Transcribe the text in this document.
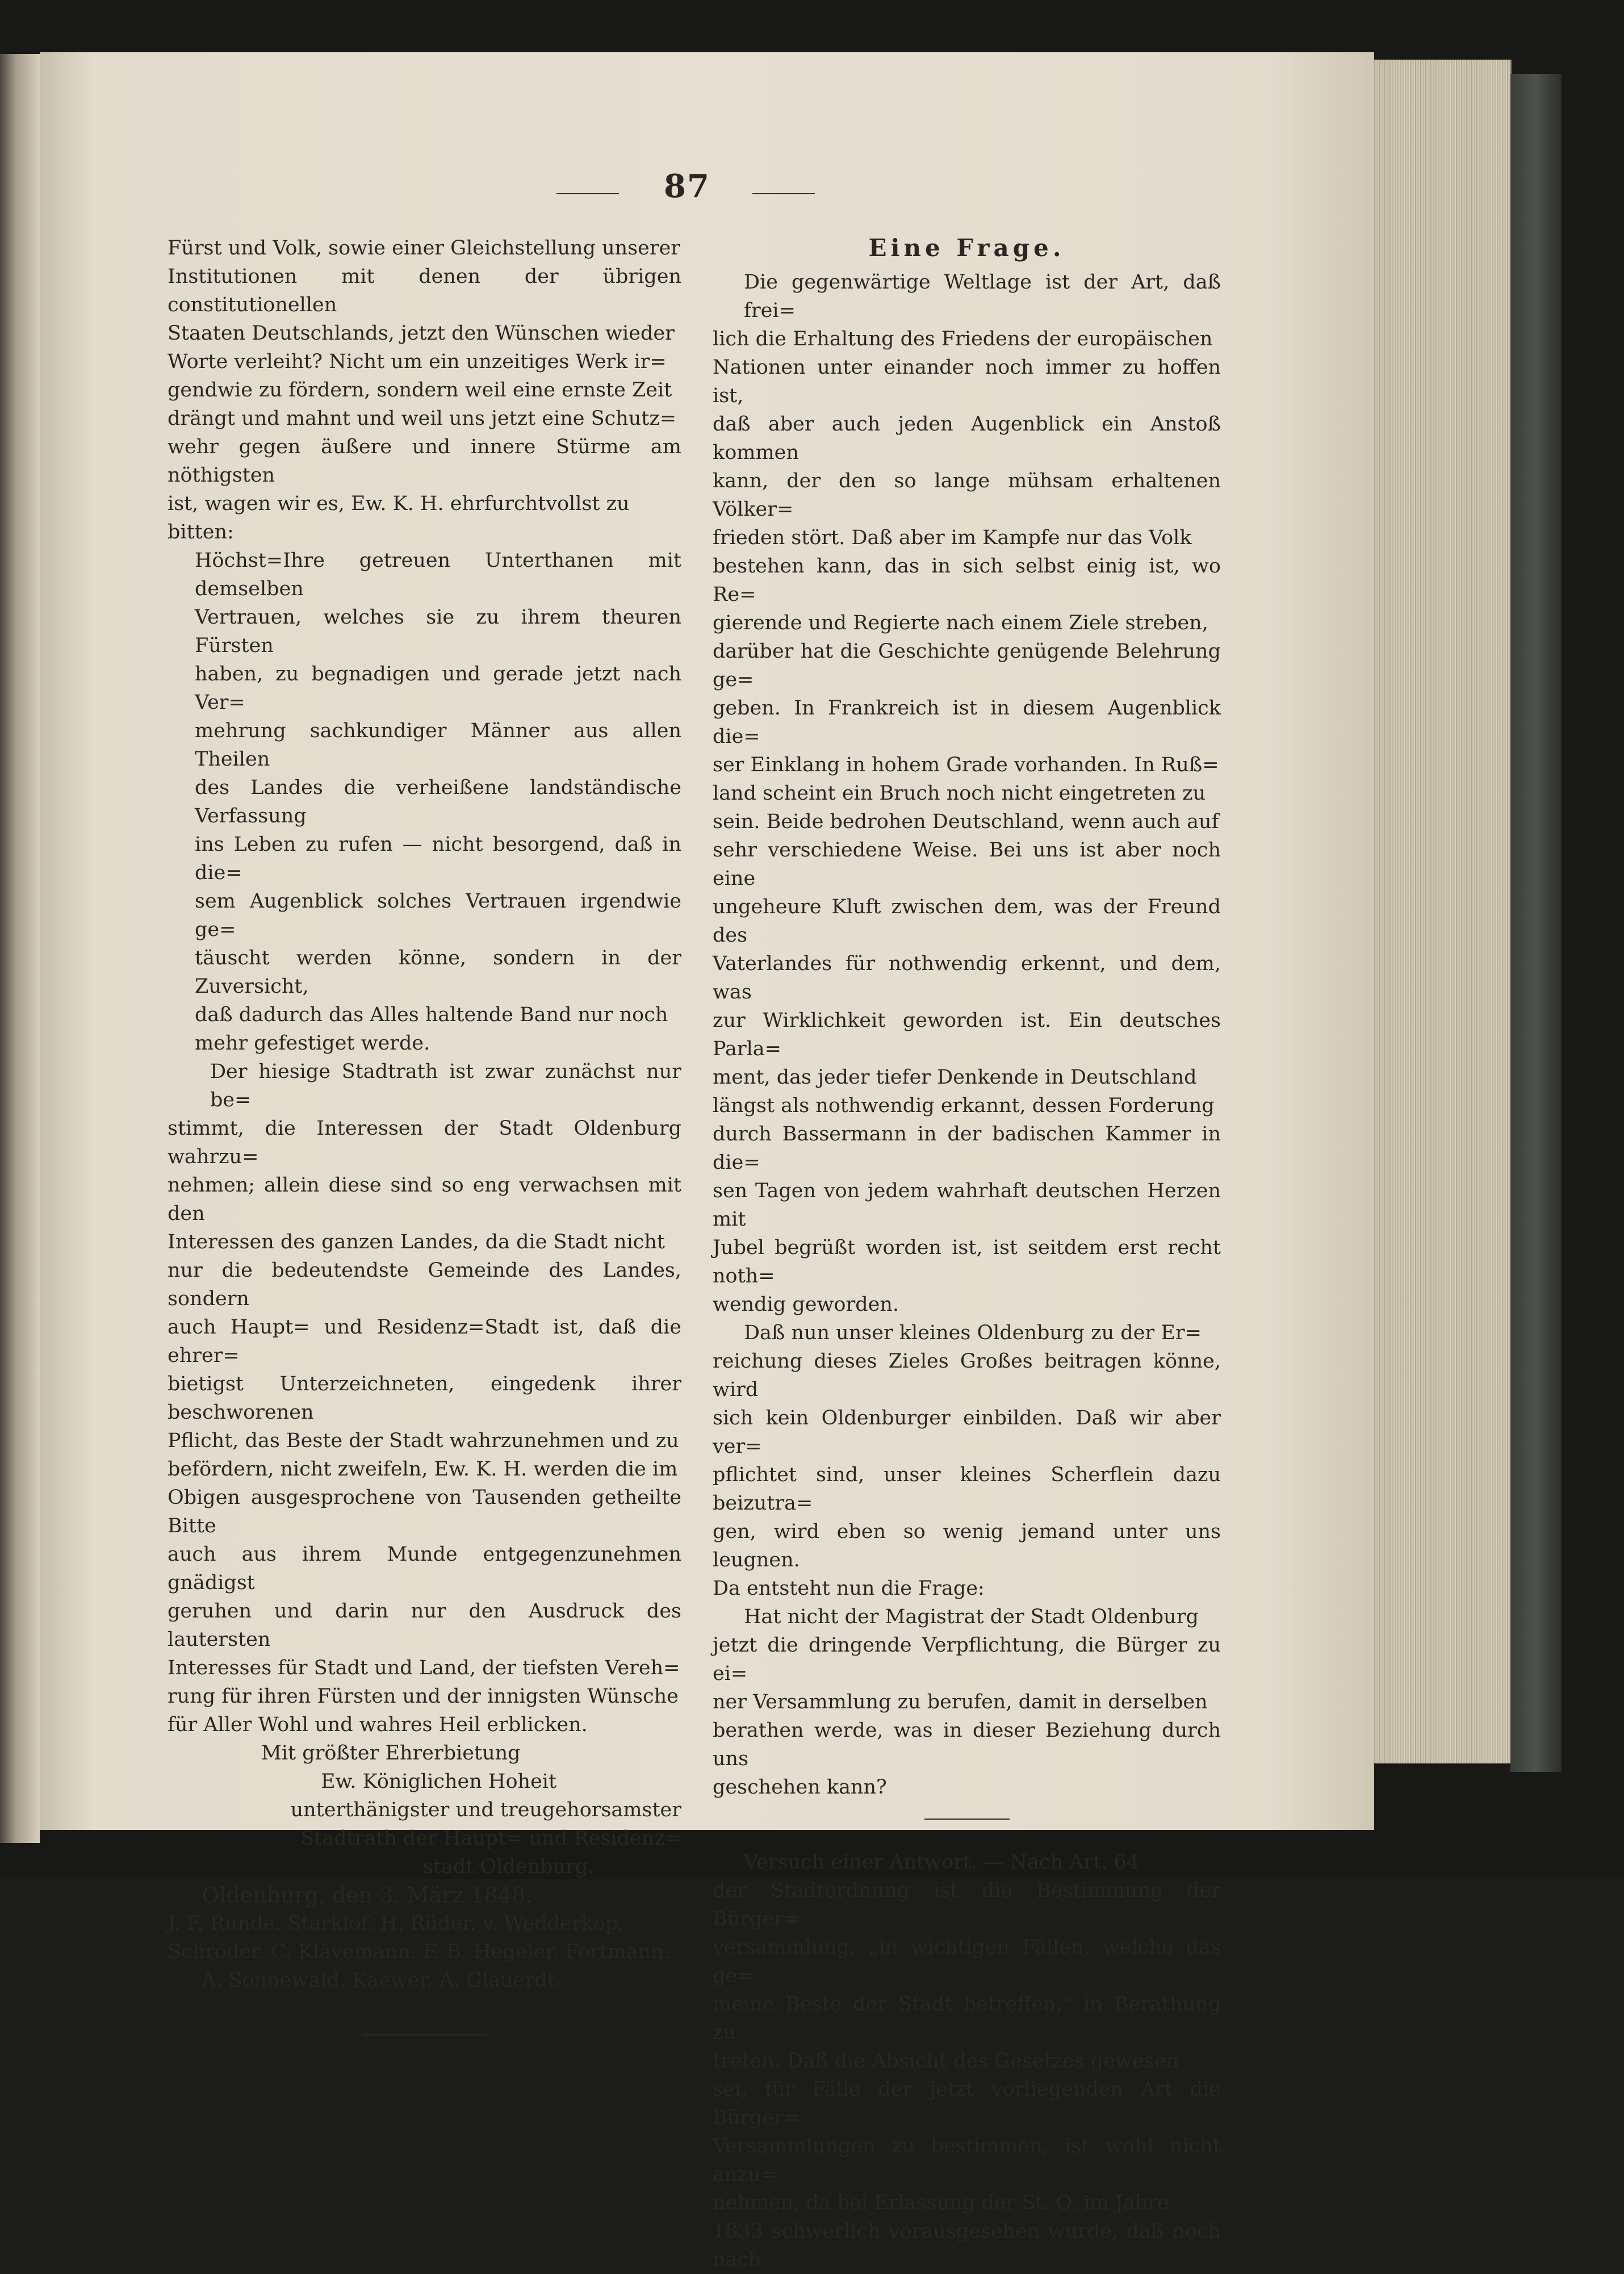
87

Fürst und Volk, sowie einer Gleichstellung unserer

Institutionen mit denen der übrigen constitutionellen

Staaten Deutschlands, jetzt den Wünschen wieder

Worte verleiht? Nicht um ein unzeitiges Werk ir=

gendwie zu fördern, sondern weil eine ernste Zeit

drängt und mahnt und weil uns jetzt eine Schutz=

wehr gegen äußere und innere Stürme am nöthigsten

ist, wagen wir es, Ew. K. H. ehrfurchtvollst zu

bitten:

Höchst=Ihre getreuen Unterthanen mit demselben

Vertrauen, welches sie zu ihrem theuren Fürsten

haben, zu begnadigen und gerade jetzt nach Ver=

mehrung sachkundiger Männer aus allen Theilen

des Landes die verheißene landständische Verfassung

ins Leben zu rufen — nicht besorgend, daß in die=

sem Augenblick solches Vertrauen irgendwie ge=

täuscht werden könne, sondern in der Zuversicht,

daß dadurch das Alles haltende Band nur noch

mehr gefestiget werde.

Der hiesige Stadtrath ist zwar zunächst nur be=

stimmt, die Interessen der Stadt Oldenburg wahrzu=

nehmen; allein diese sind so eng verwachsen mit den

Interessen des ganzen Landes, da die Stadt nicht

nur die bedeutendste Gemeinde des Landes, sondern

auch Haupt= und Residenz=Stadt ist, daß die ehrer=

bietigst Unterzeichneten, eingedenk ihrer beschworenen

Pflicht, das Beste der Stadt wahrzunehmen und zu

befördern, nicht zweifeln, Ew. K. H. werden die im

Obigen ausgesprochene von Tausenden getheilte Bitte

auch aus ihrem Munde entgegenzunehmen gnädigst

geruhen und darin nur den Ausdruck des lautersten

Interesses für Stadt und Land, der tiefsten Vereh=

rung für ihren Fürsten und der innigsten Wünsche

für Aller Wohl und wahres Heil erblicken.

Mit größter Ehrerbietung

Ew. Königlichen Hoheit

unterthänigster und treugehorsamster

Stadtrath der Haupt= und Residenz=

stadt Oldenburg.

Oldenburg, den 3. März 1848.

J. F. Runde. Starklof. H. Rüder. v. Wedderkop.

Schröder. C. Klävemann. F. B. Hegeler. Fortmann.

A. Sonnewald. Kaewer. A. Glauerdt.

Eine Frage.

Die gegenwärtige Weltlage ist der Art, daß frei=

lich die Erhaltung des Friedens der europäischen

Nationen unter einander noch immer zu hoffen ist,

daß aber auch jeden Augenblick ein Anstoß kommen

kann, der den so lange mühsam erhaltenen Völker=

frieden stört. Daß aber im Kampfe nur das Volk

bestehen kann, das in sich selbst einig ist, wo Re=

gierende und Regierte nach einem Ziele streben,

darüber hat die Geschichte genügende Belehrung ge=

geben. In Frankreich ist in diesem Augenblick die=

ser Einklang in hohem Grade vorhanden. In Ruß=

land scheint ein Bruch noch nicht eingetreten zu

sein. Beide bedrohen Deutschland, wenn auch auf

sehr verschiedene Weise. Bei uns ist aber noch eine

ungeheure Kluft zwischen dem, was der Freund des

Vaterlandes für nothwendig erkennt, und dem, was

zur Wirklichkeit geworden ist. Ein deutsches Parla=

ment, das jeder tiefer Denkende in Deutschland

längst als nothwendig erkannt, dessen Forderung

durch Bassermann in der badischen Kammer in die=

sen Tagen von jedem wahrhaft deutschen Herzen mit

Jubel begrüßt worden ist, ist seitdem erst recht noth=

wendig geworden.

Daß nun unser kleines Oldenburg zu der Er=

reichung dieses Zieles Großes beitragen könne, wird

sich kein Oldenburger einbilden. Daß wir aber ver=

pflichtet sind, unser kleines Scherflein dazu beizutra=

gen, wird eben so wenig jemand unter uns leugnen.

Da entsteht nun die Frage:

Hat nicht der Magistrat der Stadt Oldenburg

jetzt die dringende Verpflichtung, die Bürger zu ei=

ner Versammlung zu berufen, damit in derselben

berathen werde, was in dieser Beziehung durch uns

geschehen kann?

Versuch einer Antwort. — Nach Art. 64

der Stadtordnung ist die Bestimmung der Bürger=

versammlung, „in wichtigen Fällen, welche das ge=

meine Beste der Stadt betreffen,“ in Berathung zu

treten. Daß die Absicht des Gesetzes gewesen

sei, für Fälle der jetzt vorliegenden Art die Bürger=

Versammlungen zu bestimmen, ist wohl nicht anzu=

nehmen, da bei Erlassung der St. O. im Jahre

1833 schwerlich vorausgesehen wurde, daß noch nach
